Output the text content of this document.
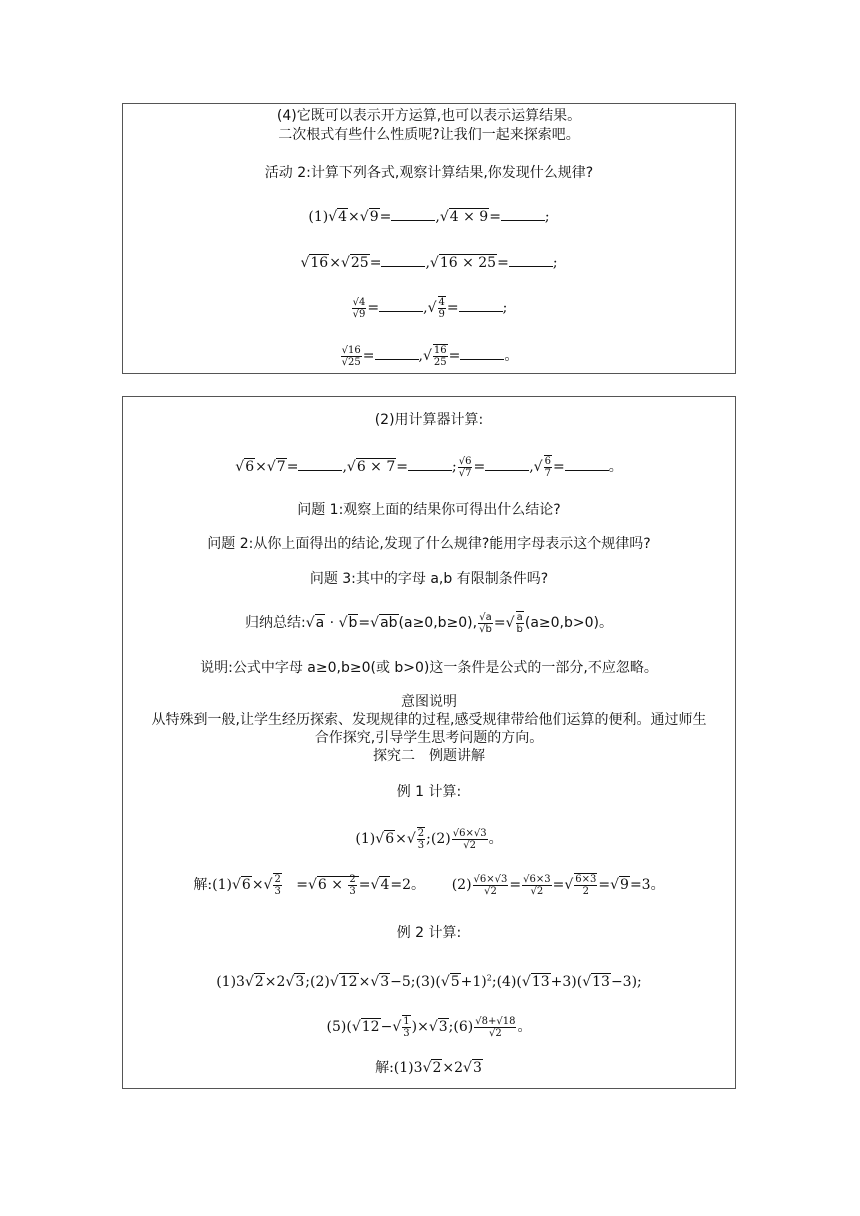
(4)它既可以表示开方运算,也可以表示运算结果。
二次根式有些什么性质呢?让我们一起来探索吧。
活动 2:计算下列各式,观察计算结果,你发现什么规律?
(1)√4×√9=	,√4 × 9=	;
√16×√25=	,√16 × 25=	;
$\frac{√4}{√9}$ =	,√ $\frac{4}{9}$ =	;
$\frac{√16}{√25}$ =	,√ $\frac{16}{25}$ =	。
(2)用计算器计算:
√6×√7=	,√6 × 7=	; $\frac{√6}{√7}$ =	,√ $\frac{6}{7}$ =	。
问题 1:观察上面的结果你可得出什么结论?
问题 2:从你上面得出的结论,发现了什么规律?能用字母表示这个规律吗?
问题 3:其中的字母 a,b 有限制条件吗?
归纳总结:√a · √b=√ab(a≥0,b≥0), $\frac{√a}{√b}$ =√ $\frac{a}{b} (a\ge 0,b>0)$。
说明:公式中字母 a≥0,b≥0(或 b>0)这一条件是公式的一部分,不应忽略。
意图说明
从特殊到一般,让学生经历探索、发现规律的过程,感受规律带给他们运算的便利。通过师生
合作探究,引导学生思考问题的方向。
探究二　例题讲解
例 1 计算:
$(1)√6\times√ \frac{2}{3}$ ;(2) $\frac{√6\times√3}{√2}$ 。
解:(1)√6×√ $\frac{2}{3} =√6 \times \frac{2}{3} =√4=2$。      $(2) \frac{√6\times√3}{√2} = \frac{√6\times 3}{√2}$ =√ $\frac{6\times 3}{2} =√9=3$。
例 2 计算:
$(1)3√2\times 2√3;(2)√12\times√3-5;(3)(√5+1)^2;(4)(√13+3)(√13-3)$;
$(5)(√12-√ \frac{1}{3}$ )×√3;(6) $\frac{√8+√18}{√2}$ 。
解:(1)3√2×2√3
